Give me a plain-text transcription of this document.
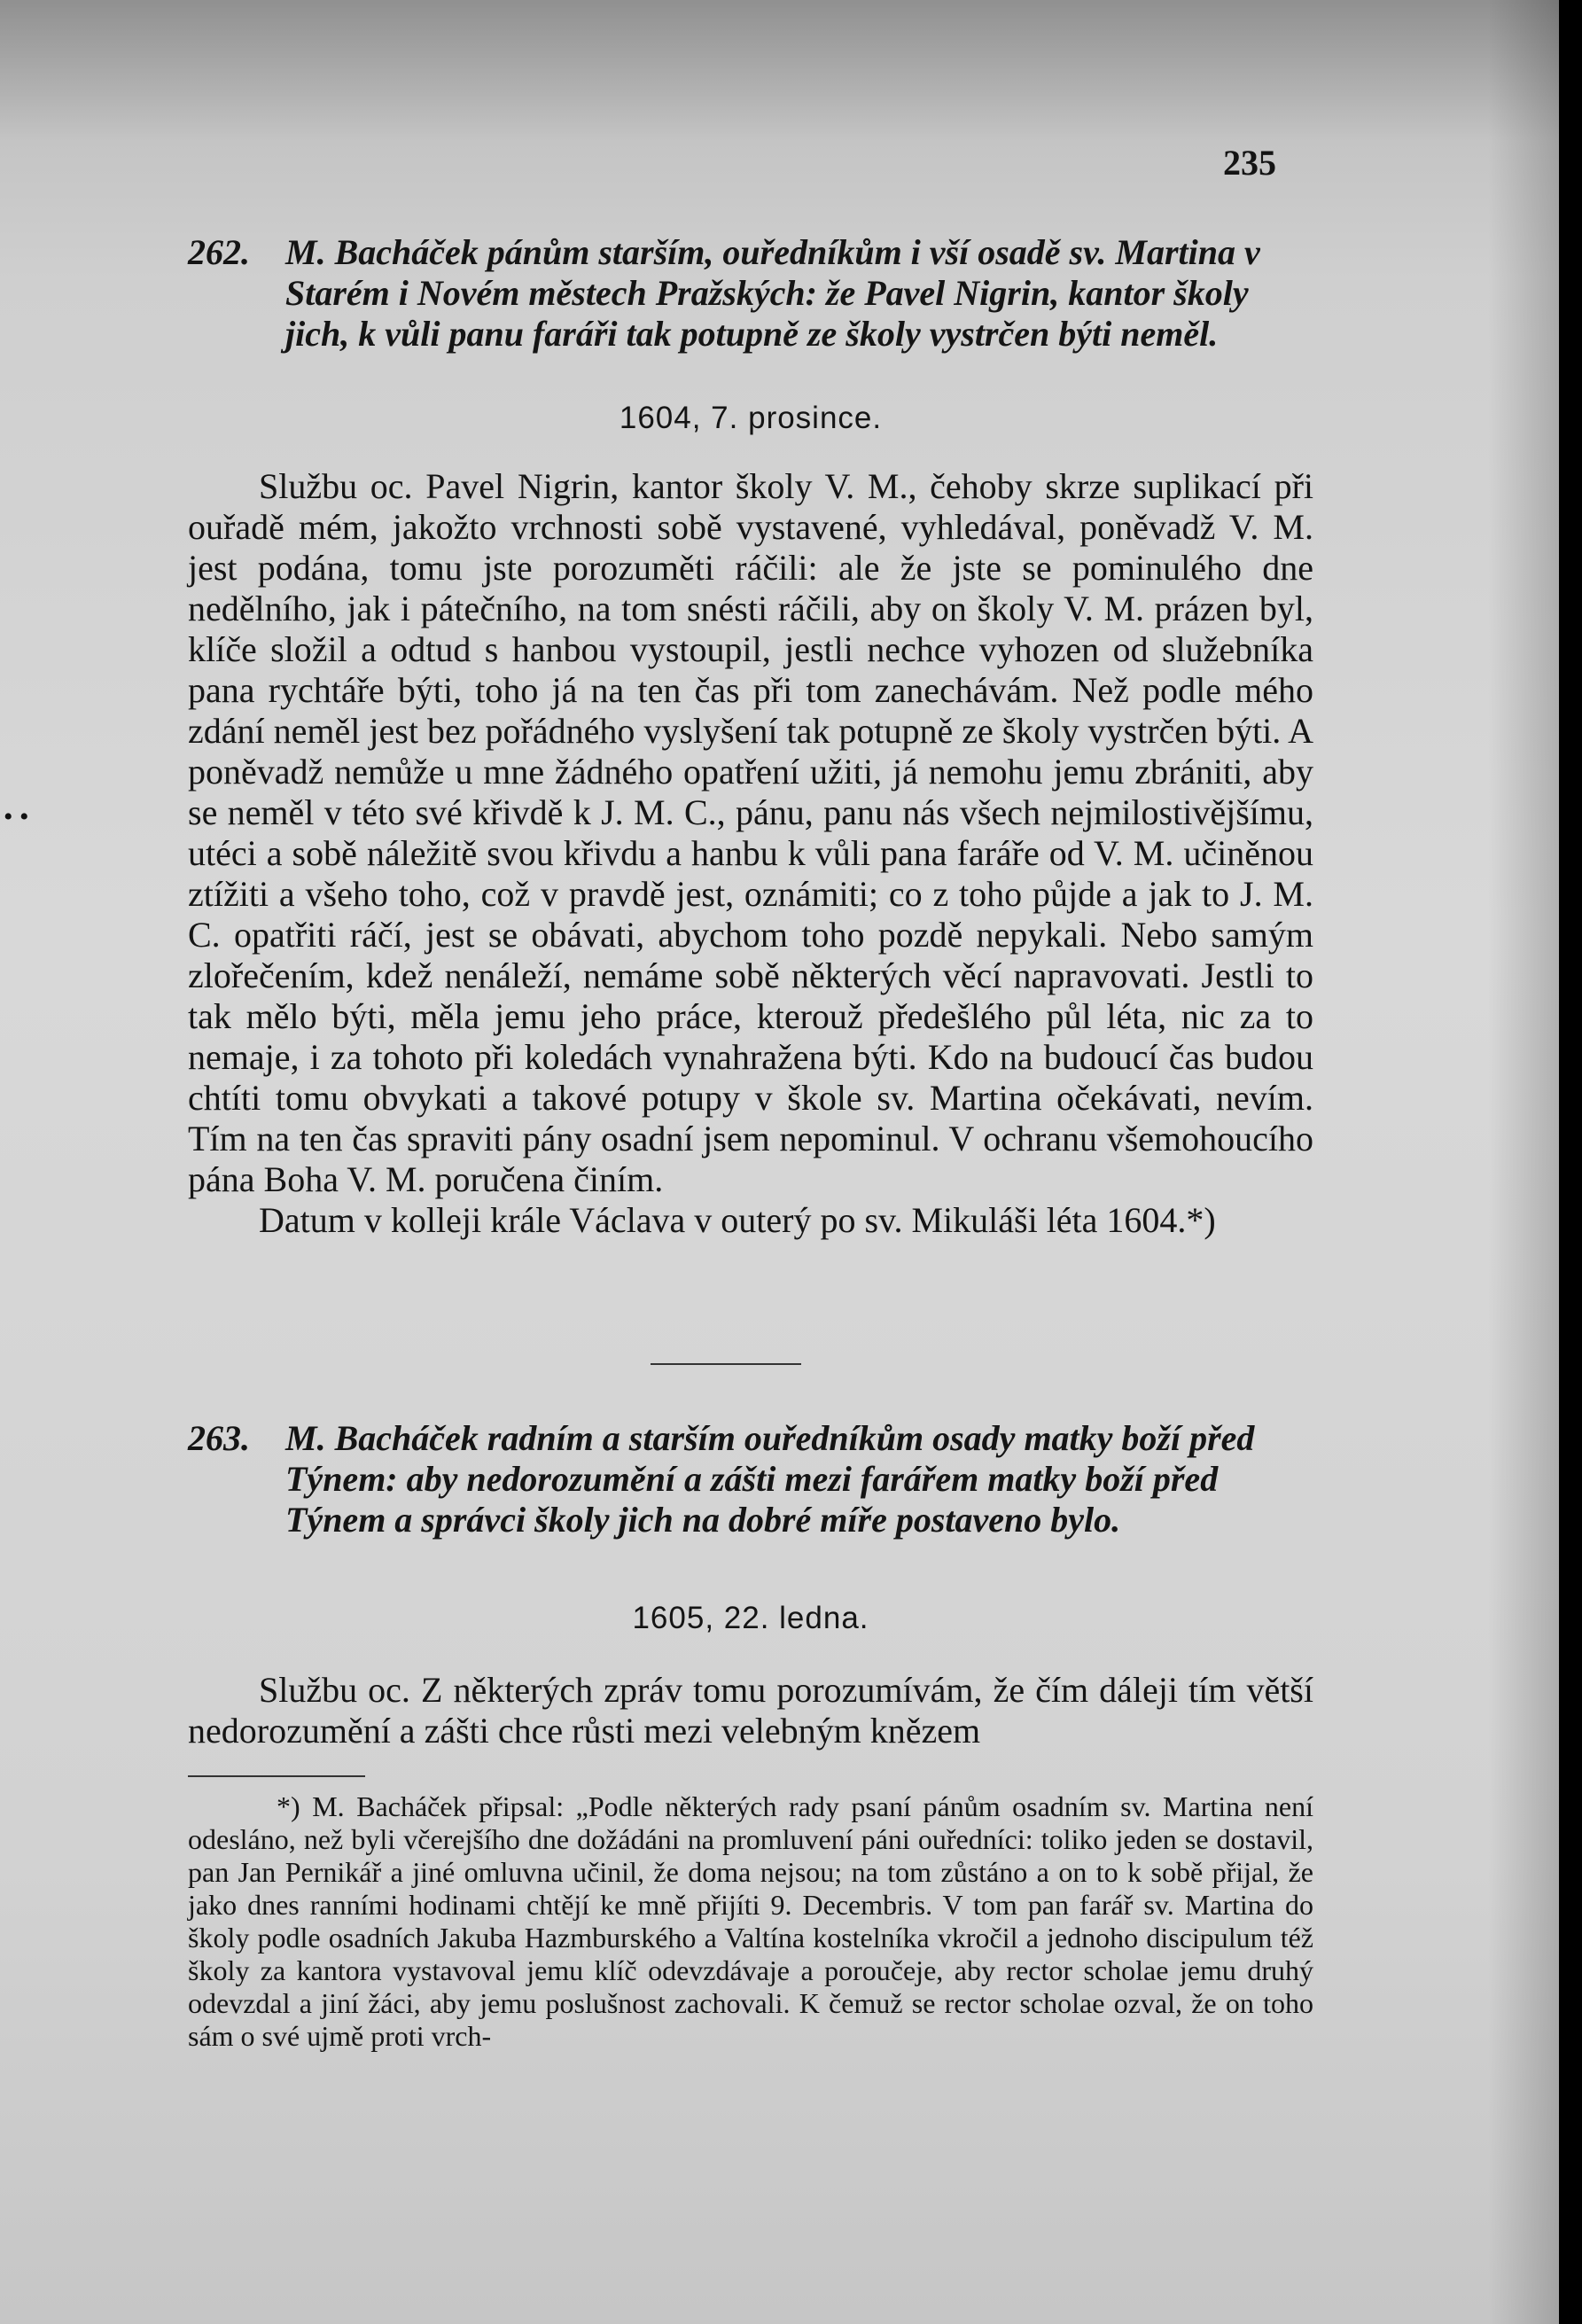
235
262. M. Bacháček pánům starším, ouředníkům i vší osadě sv. Martina v Starém i Novém městech Pražských: že Pavel Nigrin, kantor školy jich, k vůli panu faráři tak potupně ze školy vystrčen býti neměl.
1604, 7. prosince.

Službu oc. Pavel Nigrin, kantor školy V. M., čehoby skrze suplikací při ouřadě mém, jakožto vrchnosti sobě vystavené, vyhledával, poněvadž V. M. jest podána, tomu jste porozuměti ráčili: ale že jste se pominulého dne nedělního, jak i pátečního, na tom snésti ráčili, aby on školy V. M. prázen byl, klíče složil a odtud s hanbou vystoupil, jestli nechce vyhozen od služebníka pana rychtáře býti, toho já na ten čas při tom zanechávám. Než podle mého zdání neměl jest bez pořádného vyslyšení tak potupně ze školy vystrčen býti. A poněvadž nemůže u mne žádného opatření užiti, já nemohu jemu zbrániti, aby se neměl v této své křivdě k J. M. C., pánu, panu nás všech nejmilostivějšímu, utéci a sobě náležitě svou křivdu a hanbu k vůli pana faráře od V. M. učiněnou ztížiti a všeho toho, což v pravdě jest, oznámiti; co z toho půjde a jak to J. M. C. opatřiti ráčí, jest se obávati, abychom toho pozdě nepykali. Nebo samým zlořečením, kdež nenáleží, nemáme sobě některých věcí napravovati. Jestli to tak mělo býti, měla jemu jeho práce, kterouž předešlého půl léta, nic za to nemaje, i za tohoto při koledách vynahražena býti. Kdo na budoucí čas budou chtíti tomu obvykati a takové potupy v škole sv. Martina očekávati, nevím. Tím na ten čas spraviti pány osadní jsem nepominul. V ochranu všemohoucího pána Boha V. M. poručena činím.

Datum v kolleji krále Václava v outerý po sv. Mikuláši léta 1604.*)

263. M. Bacháček radním a starším ouředníkům osady matky boží před Týnem: aby nedorozumění a zášti mezi farářem matky boží před Týnem a správci školy jich na dobré míře postaveno bylo.
1605, 22. ledna.

Službu oc. Z některých zpráv tomu porozumívám, že čím dáleji tím větší nedorozumění a zášti chce růsti mezi velebným knězem

*) M. Bacháček připsal: „Podle některých rady psaní pánům osadním sv. Martina není odesláno, než byli včerejšího dne dožádáni na promluvení páni ouředníci: toliko jeden se dostavil, pan Jan Pernikář a jiné omluvna učinil, že doma nejsou; na tom zůstáno a on to k sobě přijal, že jako dnes ranními hodinami chtějí ke mně přijíti 9. Decembris. V tom pan farář sv. Martina do školy podle osadních Jakuba Hazmburského a Valtína kostelníka vkročil a jednoho discipulum též školy za kantora vystavoval jemu klíč odevzdávaje a poroučeje, aby rector scholae jemu druhý odevzdal a jiní žáci, aby jemu poslušnost zachovali. K čemuž se rector scholae ozval, že on toho sám o své ujmě proti vrch-

• •
